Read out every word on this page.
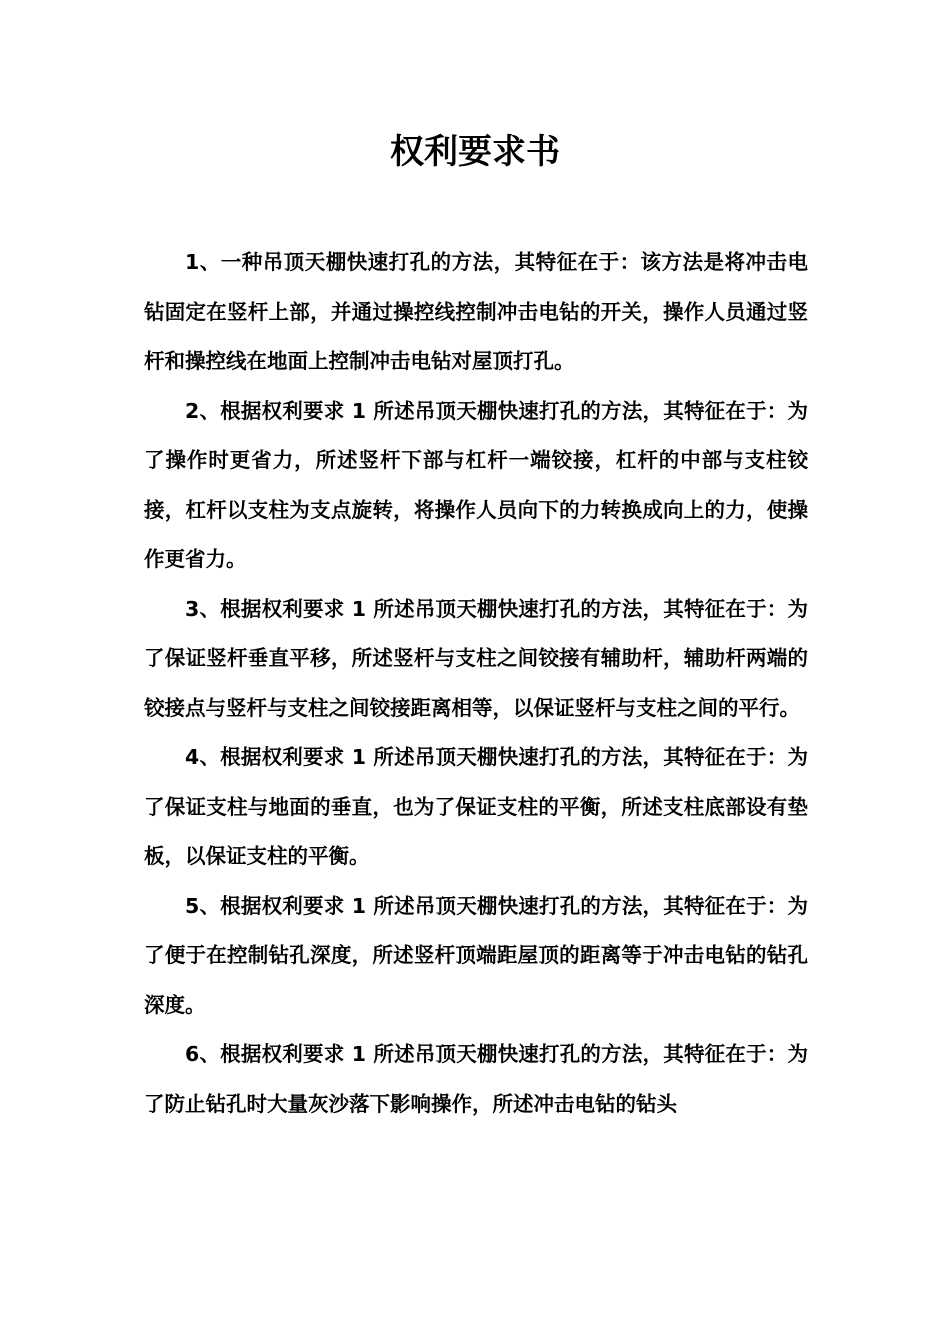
权利要求书

1、一种吊顶天棚快速打孔的方法，其特征在于：该方法是将冲击电钻固定在竖杆上部，并通过操控线控制冲击电钻的开关，操作人员通过竖杆和操控线在地面上控制冲击电钻对屋顶打孔。

2、根据权利要求 1 所述吊顶天棚快速打孔的方法，其特征在于：为了操作时更省力，所述竖杆下部与杠杆一端铰接，杠杆的中部与支柱铰接，杠杆以支柱为支点旋转，将操作人员向下的力转换成向上的力，使操作更省力。

3、根据权利要求 1 所述吊顶天棚快速打孔的方法，其特征在于：为了保证竖杆垂直平移，所述竖杆与支柱之间铰接有辅助杆，辅助杆两端的铰接点与竖杆与支柱之间铰接距离相等，以保证竖杆与支柱之间的平行。

4、根据权利要求 1 所述吊顶天棚快速打孔的方法，其特征在于：为了保证支柱与地面的垂直，也为了保证支柱的平衡，所述支柱底部设有垫板，以保证支柱的平衡。

5、根据权利要求 1 所述吊顶天棚快速打孔的方法，其特征在于：为了便于在控制钻孔深度，所述竖杆顶端距屋顶的距离等于冲击电钻的钻孔深度。

6、根据权利要求 1 所述吊顶天棚快速打孔的方法，其特征在于：为了防止钻孔时大量灰沙落下影响操作，所述冲击电钻的钻头
